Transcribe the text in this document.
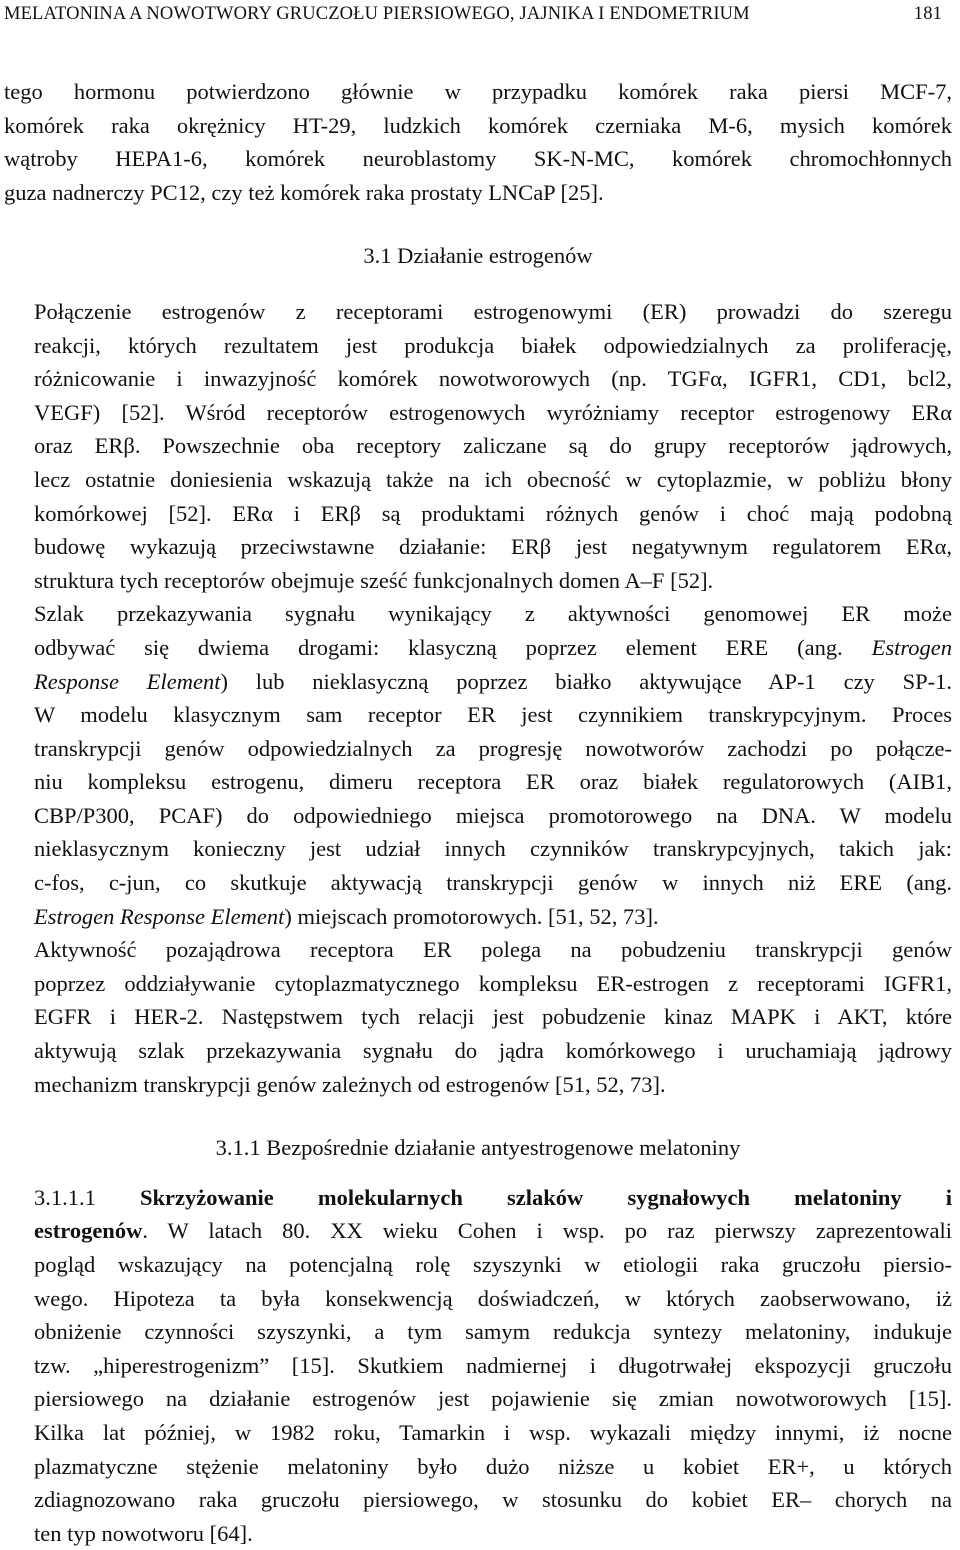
MELATONINA A NOWOTWORY GRUCZOŁU PIERSIOWEGO, JAJNIKA I ENDOMETRIUM	181

tego hormonu potwierdzono głównie w przypadku komórek raka piersi MCF-7,
komórek raka okrężnicy HT-29, ludzkich komórek czerniaka M-6, mysich komórek
wątroby HEPA1-6, komórek neuroblastomy SK-N-MC, komórek chromochłonnych
guza nadnerczy PC12, czy też komórek raka prostaty LNCaP [25].

3.1 Działanie estrogenów

Połączenie estrogenów z receptorami estrogenowymi (ER) prowadzi do szeregu
reakcji, których rezultatem jest produkcja białek odpowiedzialnych za proliferację,
różnicowanie i inwazyjność komórek nowotworowych (np. TGFα, IGFR1, CD1, bcl2,
VEGF) [52]. Wśród receptorów estrogenowych wyróżniamy receptor estrogenowy ERα
oraz ERβ. Powszechnie oba receptory zaliczane są do grupy receptorów jądrowych,
lecz ostatnie doniesienia wskazują także na ich obecność w cytoplazmie, w pobliżu błony
komórkowej [52]. ERα i ERβ są produktami różnych genów i choć mają podobną
budowę wykazują przeciwstawne działanie: ERβ jest negatywnym regulatorem ERα,
struktura tych receptorów obejmuje sześć funkcjonalnych domen A–F [52].

Szlak przekazywania sygnału wynikający z aktywności genomowej ER może
odbywać się dwiema drogami: klasyczną poprzez element ERE (ang. Estrogen
Response Element) lub nieklasyczną poprzez białko aktywujące AP-1 czy SP-1.
W modelu klasycznym sam receptor ER jest czynnikiem transkrypcyjnym. Proces
transkrypcji genów odpowiedzialnych za progresję nowotworów zachodzi po połącze-
niu kompleksu estrogenu, dimeru receptora ER oraz białek regulatorowych (AIB1,
CBP/P300, PCAF) do odpowiedniego miejsca promotorowego na DNA. W modelu
nieklasycznym konieczny jest udział innych czynników transkrypcyjnych, takich jak:
c-fos, c-jun, co skutkuje aktywacją transkrypcji genów w innych niż ERE (ang.
Estrogen Response Element) miejscach promotorowych. [51, 52, 73].

Aktywność pozajądrowa receptora ER polega na pobudzeniu transkrypcji genów
poprzez oddziaływanie cytoplazmatycznego kompleksu ER-estrogen z receptorami IGFR1,
EGFR i HER-2. Następstwem tych relacji jest pobudzenie kinaz MAPK i AKT, które
aktywują szlak przekazywania sygnału do jądra komórkowego i uruchamiają jądrowy
mechanizm transkrypcji genów zależnych od estrogenów [51, 52, 73].

3.1.1 Bezpośrednie działanie antyestrogenowe melatoniny

3.1.1.1 Skrzyżowanie molekularnych szlaków sygnałowych melatoniny i
estrogenów. W latach 80. XX wieku Cohen i wsp. po raz pierwszy zaprezentowali
pogląd wskazujący na potencjalną rolę szyszynki w etiologii raka gruczołu piersio-
wego. Hipoteza ta była konsekwencją doświadczeń, w których zaobserwowano, iż
obniżenie czynności szyszynki, a tym samym redukcja syntezy melatoniny, indukuje
tzw. „hiperestrogenizm” [15]. Skutkiem nadmiernej i długotrwałej ekspozycji gruczołu
piersiowego na działanie estrogenów jest pojawienie się zmian nowotworowych [15].
Kilka lat później, w 1982 roku, Tamarkin i wsp. wykazali między innymi, iż nocne
plazmatyczne stężenie melatoniny było dużo niższe u kobiet ER+, u których
zdiagnozowano raka gruczołu piersiowego, w stosunku do kobiet ER– chorych na
ten typ nowotworu [64].
